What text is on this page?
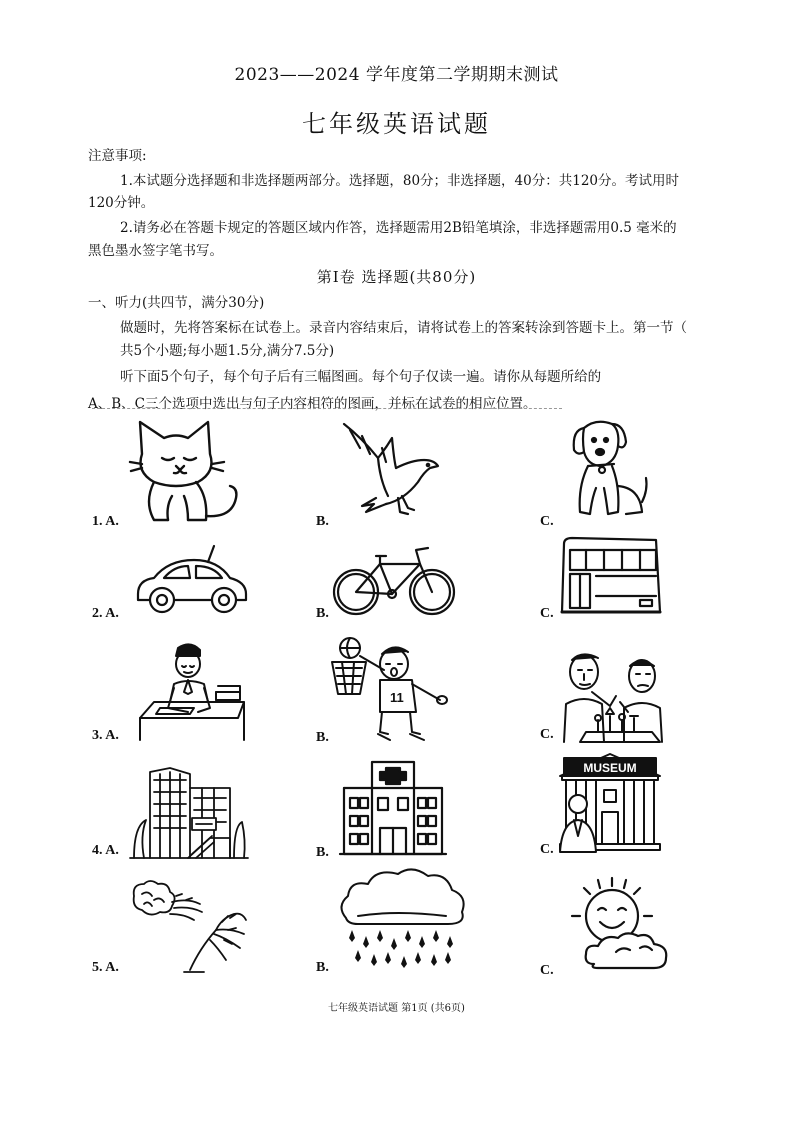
2023——2024 学年度第二学期期末测试
七年级英语试题
注意事项:
1.本试题分选择题和非选择题两部分。选择题，80分；非选择题，40分：共120分。考试用时
120分钟。
2.请务必在答题卡规定的答题区域内作答，选择题需用2B铅笔填涂，非选择题需用0.5 毫米的
黑色墨水签字笔书写。
第Ⅰ卷 选择题(共80分)
一、听力(共四节，满分30分)
做题时，先将答案标在试卷上。录音内容结束后，请将试卷上的答案转涂到答题卡上。第一节（
共5个小题;每小题1.5分,满分7.5分)
听下面5个句子，每个句子后有三幅图画。每个句子仅读一遍。请你从每题所给的
A、B、C三个选项中选出与句子内容相符的图画，并标在试卷的相应位置。
1. A.	B.	C.
2. A.	B.	C.
3. A.	B.	C.
4. A.	B.	C.
5. A.	B.	C.
11
MUSEUM
七年级英语试题 第1页 (共6页)
